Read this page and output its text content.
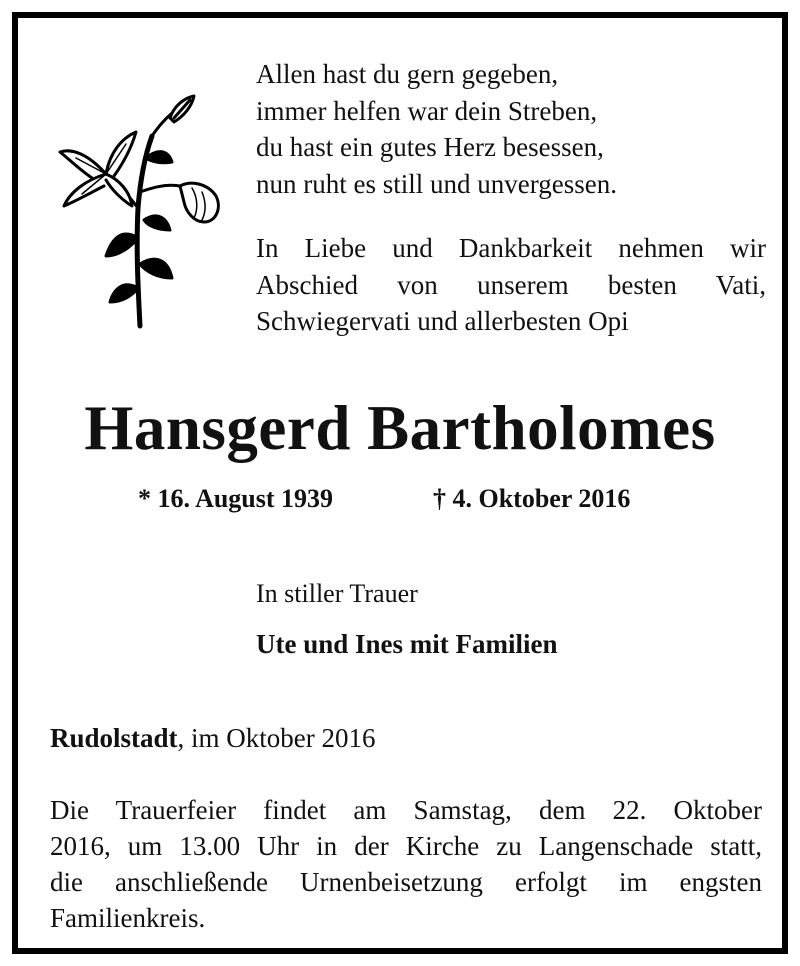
Allen hast du gern gegeben,
immer helfen war dein Streben,
du hast ein gutes Herz besessen,
nun ruht es still und unvergessen.
In Liebe und Dankbarkeit nehmen wir
Abschied von unserem besten Vati,
Schwiegervati und allerbesten Opi
Hansgerd Bartholomes
* 16. August 1939	† 4. Oktober 2016
In stiller Trauer
Ute und Ines mit Familien
Rudolstadt, im Oktober 2016
Die Trauerfeier findet am Samstag, dem 22. Oktober
2016, um 13.00 Uhr in der Kirche zu Langenschade statt,
die anschließende Urnenbeisetzung erfolgt im engsten
Familienkreis.
